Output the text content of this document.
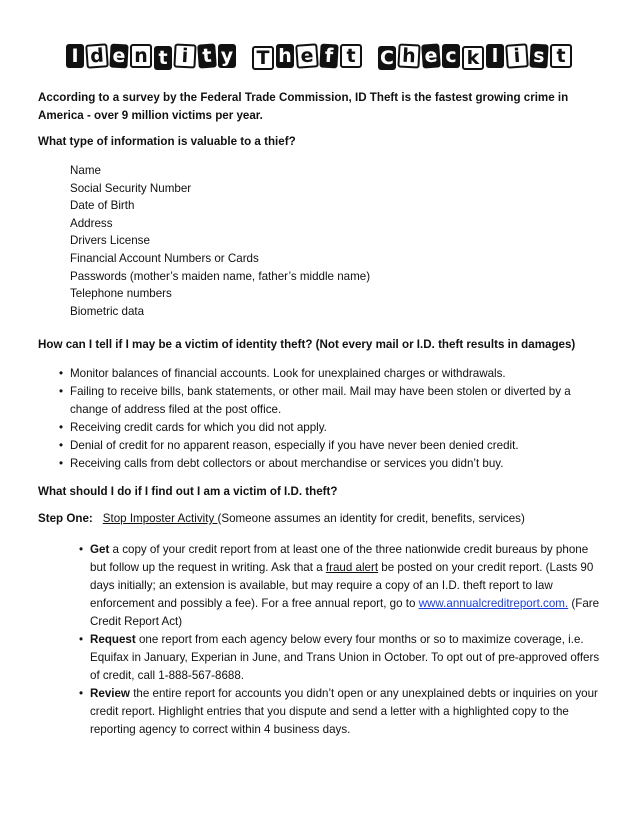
I d e n t i t y T h e f t C h e c k l i s t

According to a survey by the Federal Trade Commission, ID Theft is the fastest growing crime in America - over 9 million victims per year.

What type of information is valuable to a thief?

Name
Social Security Number
Date of Birth
Address
Drivers License
Financial Account Numbers or Cards
Passwords (mother’s maiden name, father’s middle name)
Telephone numbers
Biometric data

How can I tell if I may be a victim of identity theft? (Not every mail or I.D. theft results in damages)

• Monitor balances of financial accounts. Look for unexplained charges or withdrawals.
• Failing to receive bills, bank statements, or other mail. Mail may have been stolen or diverted by a change of address filed at the post office.
• Receiving credit cards for which you did not apply.
• Denial of credit for no apparent reason, especially if you have never been denied credit.
• Receiving calls from debt collectors or about merchandise or services you didn’t buy.

What should I do if I find out I am a victim of I.D. theft?

Step One: Stop Imposter Activity (Someone assumes an identity for credit, benefits, services)

• Get a copy of your credit report from at least one of the three nationwide credit bureaus by phone but follow up the request in writing. Ask that a fraud alert be posted on your credit report. (Lasts 90 days initially; an extension is available, but may require a copy of an I.D. theft report to law enforcement and possibly a fee). For a free annual report, go to www.annualcreditreport.com. (Fare Credit Report Act)
• Request one report from each agency below every four months or so to maximize coverage, i.e. Equifax in January, Experian in June, and Trans Union in October. To opt out of pre-approved offers of credit, call 1-888-567-8688.
• Review the entire report for accounts you didn’t open or any unexplained debts or inquiries on your credit report. Highlight entries that you dispute and send a letter with a highlighted copy to the reporting agency to correct within 4 business days.
